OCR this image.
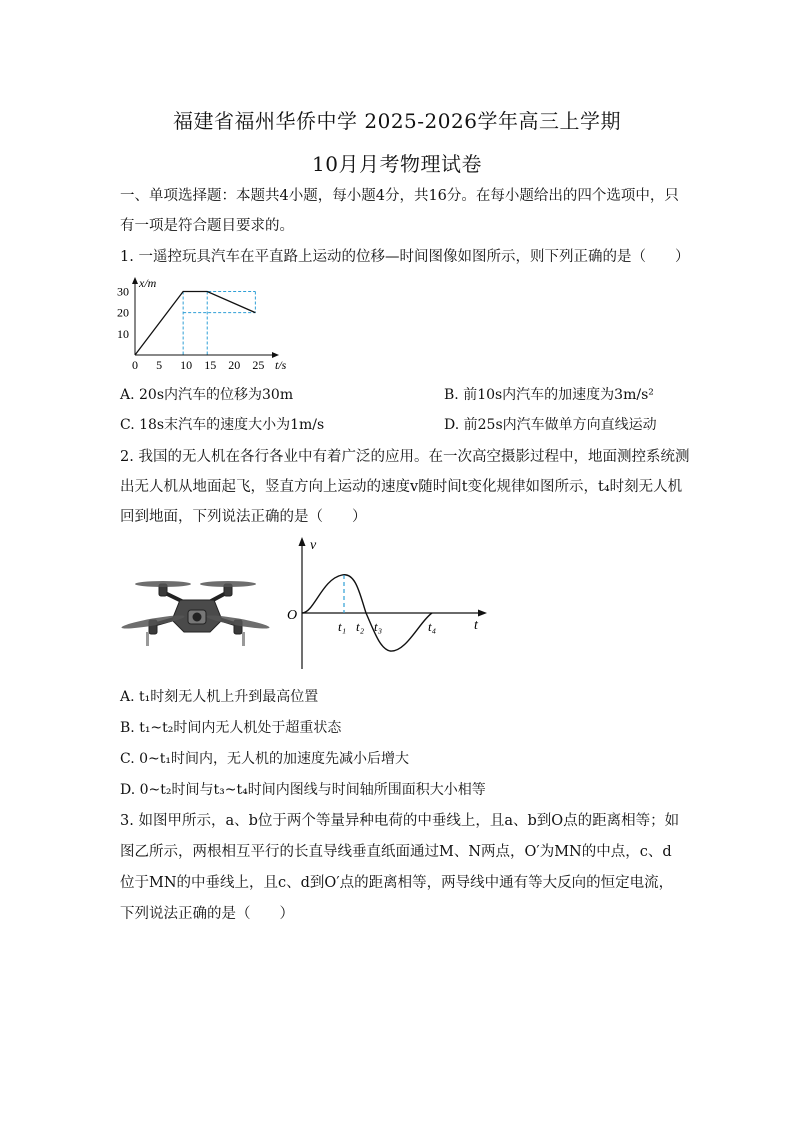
福建省福州华侨中学 2025-2026学年高三上学期
10月月考物理试卷
一、单项选择题：本题共4小题，每小题4分，共16分。在每小题给出的四个选项中，只
有一项是符合题目要求的。
1. 一遥控玩具汽车在平直路上运动的位移—时间图像如图所示，则下列正确的是（　　）
0 5 10 15 20 25
10
20
30
t/s
x/m
A. 20s内汽车的位移为30m	B. 前10s内汽车的加速度为3m/s²
C. 18s末汽车的速度大小为1m/s	D. 前25s内汽车做单方向直线运动
2. 我国的无人机在各行各业中有着广泛的应用。在一次高空摄影过程中，地面测控系统测
出无人机从地面起飞，竖直方向上运动的速度v随时间t变化规律如图所示，t₄时刻无人机
回到地面，下列说法正确的是（　　）
v
t
O
t₁ t₂ t₃	t₄
A. t₁时刻无人机上升到最高位置
B. t₁~t₂时间内无人机处于超重状态
C. 0~t₁时间内，无人机的加速度先减小后增大
D. 0~t₂时间与t₃~t₄时间内图线与时间轴所围面积大小相等
3. 如图甲所示，a、b位于两个等量异种电荷的中垂线上，且a、b到O点的距离相等；如
图乙所示，两根相互平行的长直导线垂直纸面通过M、N两点，O′为MN的中点，c、d
位于MN的中垂线上，且c、d到O′点的距离相等，两导线中通有等大反向的恒定电流，
下列说法正确的是（　　）
